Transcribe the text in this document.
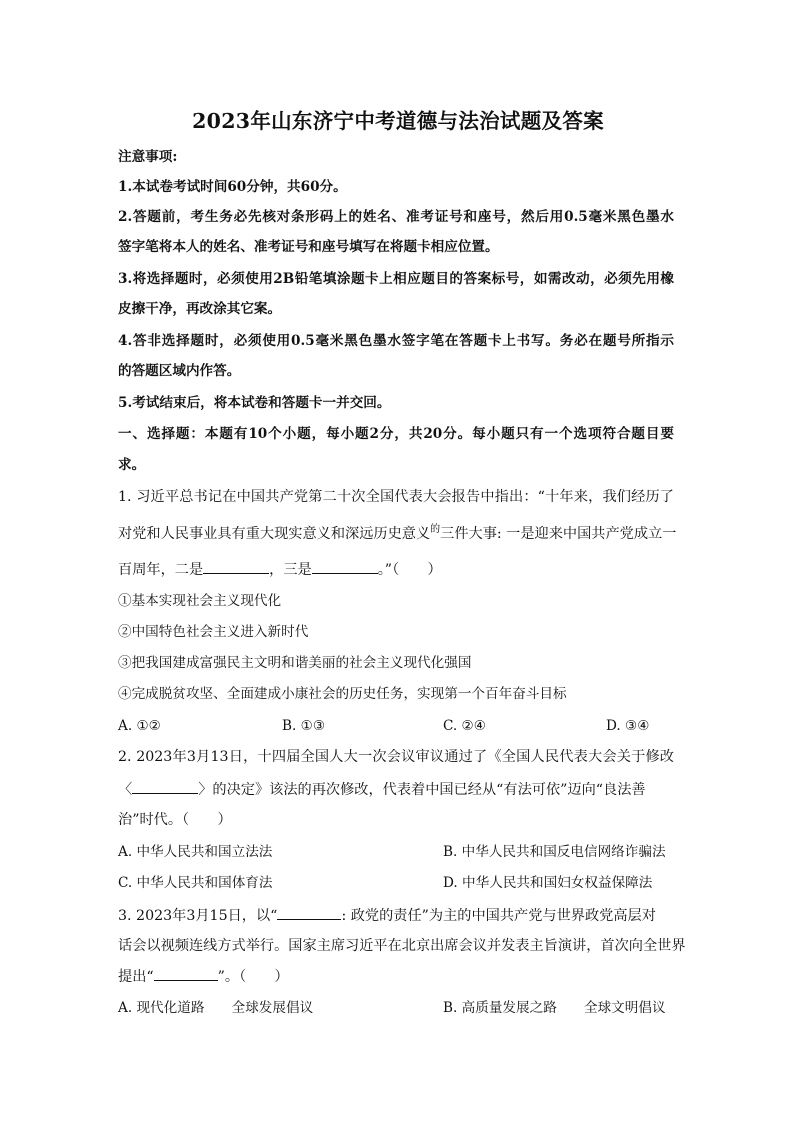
2023年山东济宁中考道德与法治试题及答案
注意事项:
1.本试卷考试时间60分钟，共60分。
2.答题前，考生务必先核对条形码上的姓名、准考证号和座号，然后用0.5毫米黑色墨水
签字笔将本人的姓名、准考证号和座号填写在将题卡相应位置。
3.将选择题时，必须使用2B铅笔填涂题卡上相应题目的答案标号，如需改动，必须先用橡
皮擦干净，再改涂其它案。
4.答非选择题时，必须使用0.5毫米黑色墨水签字笔在答题卡上书写。务必在题号所指示
的答题区域内作答。
5.考试结束后，将本试卷和答题卡一并交回。
一、选择题：本题有10个小题，每小题2分，共20分。每小题只有一个选项符合题目要
求。
1. 习近平总书记在中国共产党第二十次全国代表大会报告中指出：“十年来，我们经历了
对党和人民事业具有重大现实意义和深远历史意义$^的$三件大事: 一是迎来中国共产党成立一
百周年，二是	，三是	。”（　　）
①基本实现社会主义现代化
②中国特色社会主义进入新时代
③把我国建成富强民主文明和谐美丽的社会主义现代化强国
④完成脱贫攻坚、全面建成小康社会的历史任务，实现第一个百年奋斗目标
A. ①②	B. ①③	C. ②④	D. ③④
2. 2023年3月13日，十四届全国人大一次会议审议通过了《全国人民代表大会关于修改
〈	〉的决定》该法的再次修改，代表着中国已经从“有法可依”迈向“良法善
治”时代。（　　）
A. 中华人民共和国立法法	B. 中华人民共和国反电信网络诈骗法
C. 中华人民共和国体育法	D. 中华人民共和国妇女权益保障法
3. 2023年3月15日，以“	: 政党的责任”为主的中国共产党与世界政党高层对
话会以视频连线方式举行。国家主席习近平在北京出席会议并发表主旨演讲，首次向全世界
提出“	”。（　　）
A. 现代化道路　　全球发展倡议	B. 高质量发展之路　　全球文明倡议
